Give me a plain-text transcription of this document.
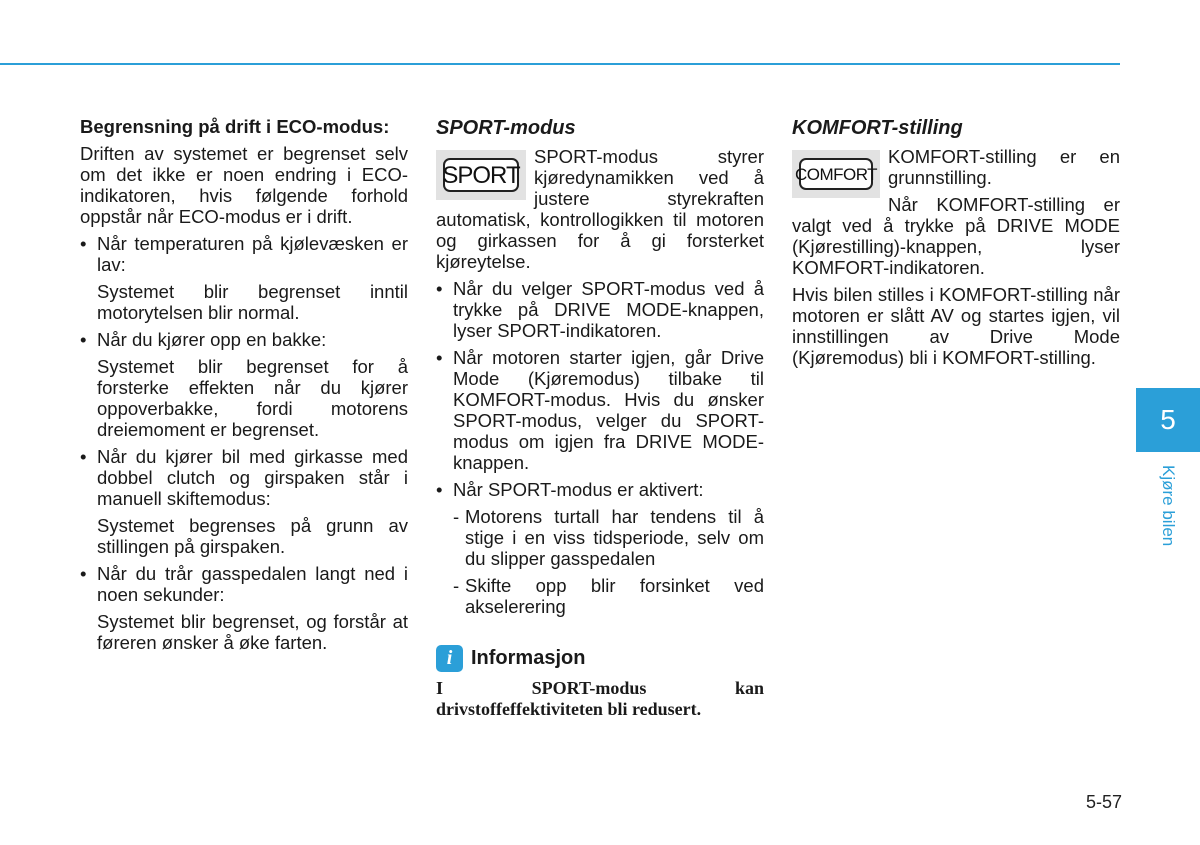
Begrensning på drift i ECO-modus:

Driften av systemet er begrenset selv om det ikke er noen endring i ECO-indikatoren, hvis følgende forhold oppstår når ECO-modus er i drift.

• Når temperaturen på kjølevæsken er lav:
Systemet blir begrenset inntil motorytelsen blir normal.
• Når du kjører opp en bakke:
Systemet blir begrenset for å forsterke effekten når du kjører oppoverbakke, fordi motorens dreiemoment er begrenset.
• Når du kjører bil med girkasse med dobbel clutch og girspaken står i manuell skiftemodus:
Systemet begrenses på grunn av stillingen på girspaken.
• Når du trår gasspedalen langt ned i noen sekunder:
Systemet blir begrenset, og forstår at føreren ønsker å øke farten.
SPORT-modus
SPORT

SPORT-modus styrer kjøredynamikken ved å justere styrekraften automatisk, kontrollogikken til motoren og girkassen for å gi forsterket kjøreytelse.

• Når du velger SPORT-modus ved å trykke på DRIVE MODE-knappen, lyser SPORT-indikatoren.
• Når motoren starter igjen, går Drive Mode (Kjøremodus) tilbake til KOMFORT-modus. Hvis du ønsker SPORT-modus, velger du SPORT-modus om igjen fra DRIVE MODE-knappen.
• Når SPORT-modus er aktivert:
- Motorens turtall har tendens til å stige i en viss tidsperiode, selv om du slipper gasspedalen
- Skifte opp blir forsinket ved akselerering
i Informasjon
I SPORT-modus kan drivstoffeffektiviteten bli redusert.
KOMFORT-stilling
COMFORT

KOMFORT-stilling er en grunnstilling.

Når KOMFORT-stilling er valgt ved å trykke på DRIVE MODE (Kjørestilling)-knappen, lyser KOMFORT-indikatoren.

Hvis bilen stilles i KOMFORT-stilling når motoren er slått AV og startes igjen, vil innstillingen av Drive Mode (Kjøremodus) bli i KOMFORT-stilling.

5
Kjøre bilen
5-57
